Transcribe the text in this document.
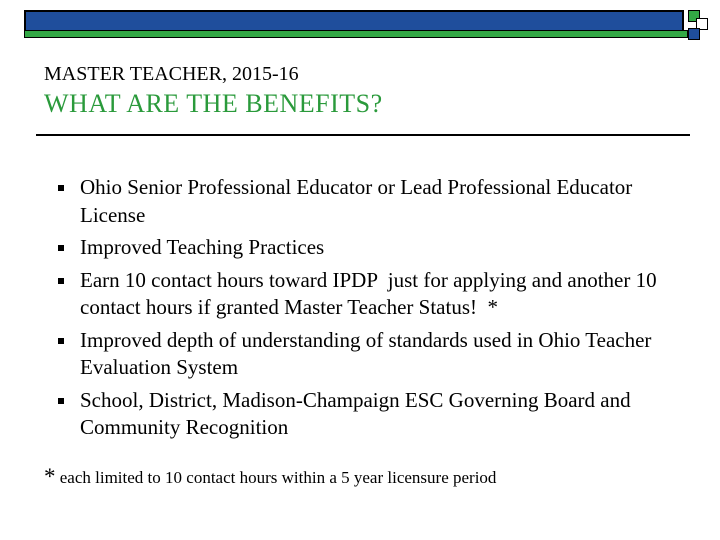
MASTER TEACHER, 2015-16
WHAT ARE THE BENEFITS?
Ohio Senior Professional Educator or Lead Professional Educator License
Improved Teaching Practices
Earn 10 contact hours toward IPDP  just for applying and another 10 contact hours if granted Master Teacher Status!  *
Improved depth of understanding of standards used in Ohio Teacher Evaluation System
School, District, Madison-Champaign ESC Governing Board and Community Recognition
* each limited to 10 contact hours within a 5 year licensure period
